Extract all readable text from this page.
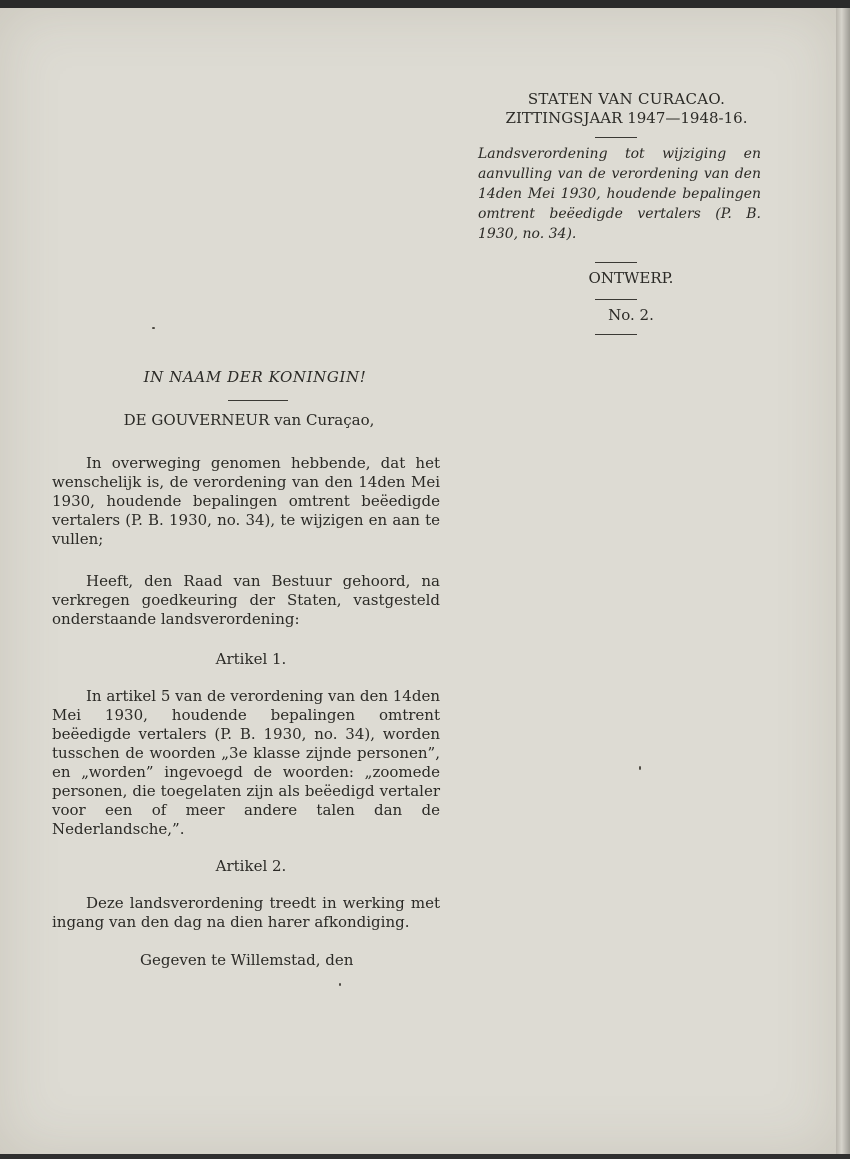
STATEN VAN CURACAO.
ZITTINGSJAAR 1947—1948-16.
Landsverordening tot wijziging en aanvulling van de verordening van den 14den Mei 1930, houdende bepalingen omtrent beëedigde vertalers (P. B. 1930, no. 34).
ONTWERP.
No. 2.
IN NAAM DER KONINGIN!
DE GOUVERNEUR van Curaçao,
In overweging genomen hebbende, dat het wenschelijk is, de verordening van den 14den Mei 1930, houdende bepalingen omtrent beëedigde vertalers (P. B. 1930, no. 34), te wijzigen en aan te vullen;
Heeft, den Raad van Bestuur gehoord, na verkregen goedkeuring der Staten, vastgesteld onderstaande landsverordening:
Artikel 1.
In artikel 5 van de verordening van den 14den Mei 1930, houdende bepalingen omtrent beëedigde vertalers (P. B. 1930, no. 34), worden tusschen de woorden „3e klasse zijnde personen”, en „worden” ingevoegd de woorden: „zoomede personen, die toegelaten zijn als beëedigd vertaler voor een of meer andere talen dan de Nederlandsche,”.
Artikel 2.
Deze landsverordening treedt in werking met ingang van den dag na dien harer afkondiging.
Gegeven te Willemstad, den
